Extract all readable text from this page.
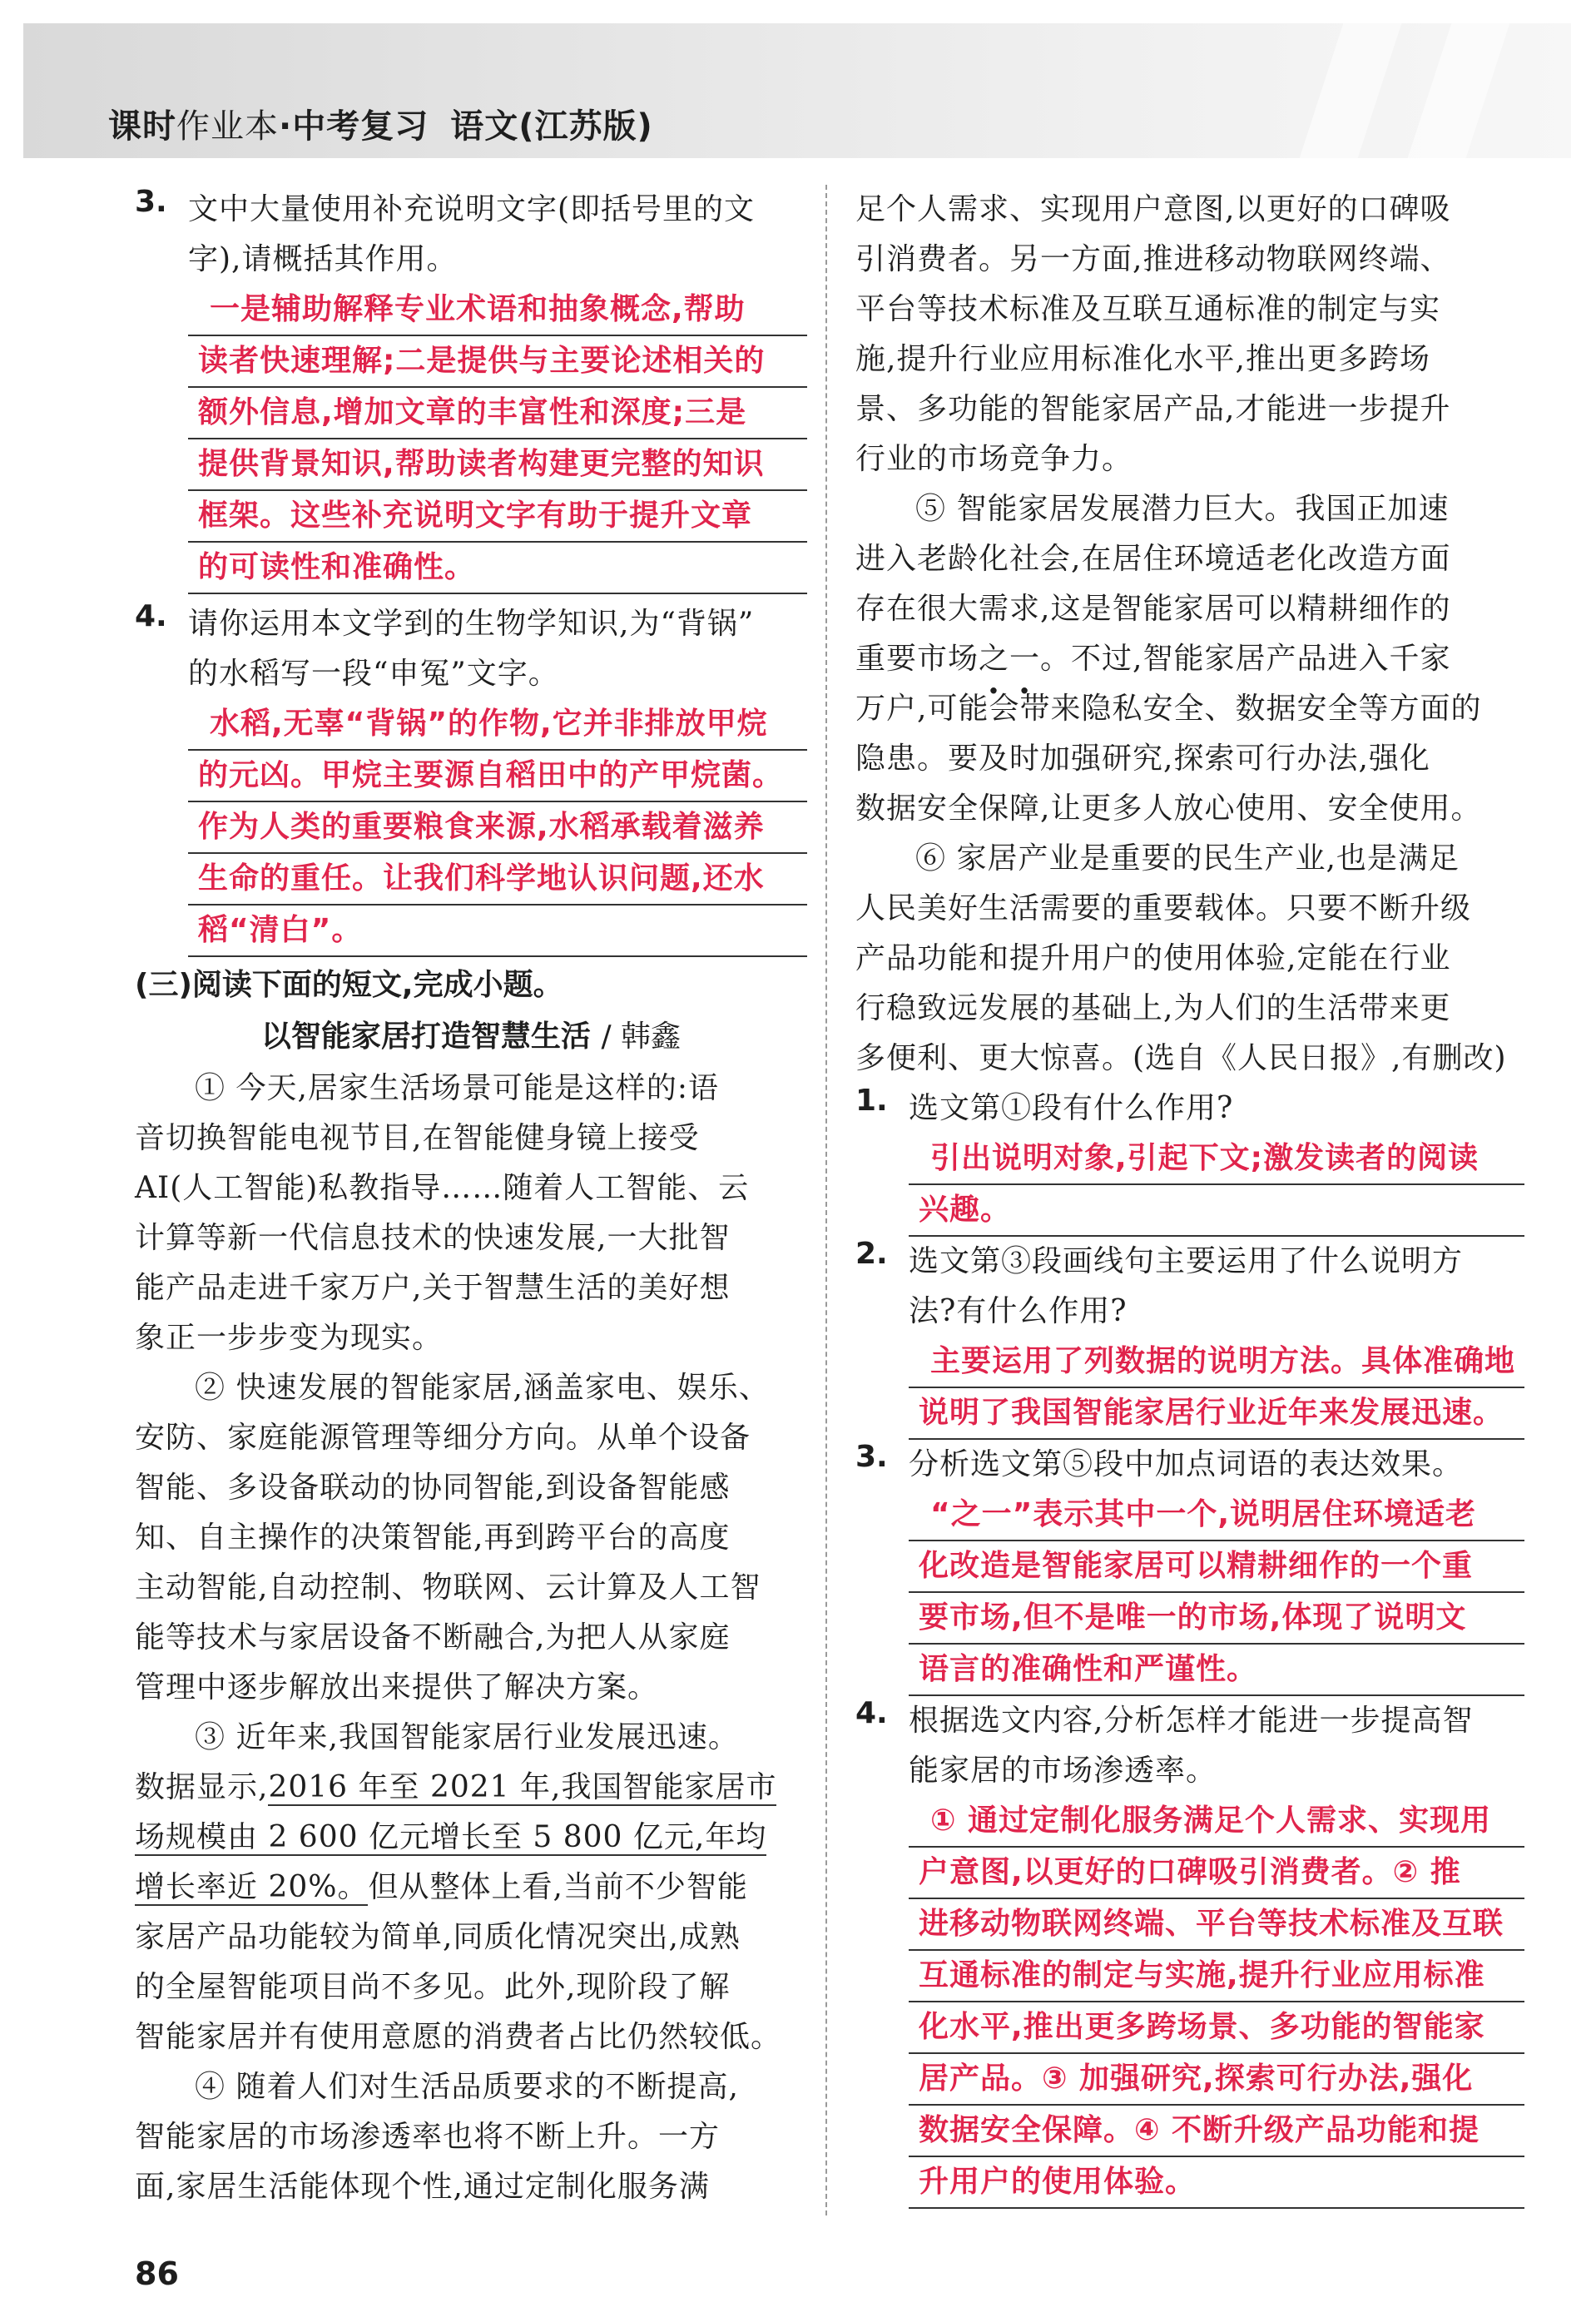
课时作业本·中考复习 语文(江苏版)
3. 文中大量使用补充说明文字(即括号里的文
字),请概括其作用。
一是辅助解释专业术语和抽象概念,帮助
读者快速理解;二是提供与主要论述相关的
额外信息,增加文章的丰富性和深度;三是
提供背景知识,帮助读者构建更完整的知识
框架。这些补充说明文字有助于提升文章
的可读性和准确性。
4. 请你运用本文学到的生物学知识,为“背锅”
的水稻写一段“申冤”文字。
水稻,无辜“背锅”的作物,它并非排放甲烷
的元凶。甲烷主要源自稻田中的产甲烷菌。
作为人类的重要粮食来源,水稻承载着滋养
生命的重任。让我们科学地认识问题,还水
稻“清白”。
(三)阅读下面的短文,完成小题。
以智能家居打造智慧生活 / 韩鑫
① 今天,居家生活场景可能是这样的:语
音切换智能电视节目,在智能健身镜上接受
AI(人工智能)私教指导……随着人工智能、云
计算等新一代信息技术的快速发展,一大批智
能产品走进千家万户,关于智慧生活的美好想
象正一步步变为现实。
② 快速发展的智能家居,涵盖家电、娱乐、
安防、家庭能源管理等细分方向。从单个设备
智能、多设备联动的协同智能,到设备智能感
知、自主操作的决策智能,再到跨平台的高度
主动智能,自动控制、物联网、云计算及人工智
能等技术与家居设备不断融合,为把人从家庭
管理中逐步解放出来提供了解决方案。
③ 近年来,我国智能家居行业发展迅速。
数据显示,2016 年至 2021 年,我国智能家居市
场规模由 2 600 亿元增长至 5 800 亿元,年均
增长率近 20%。但从整体上看,当前不少智能
家居产品功能较为简单,同质化情况突出,成熟
的全屋智能项目尚不多见。此外,现阶段了解
智能家居并有使用意愿的消费者占比仍然较低。
④ 随着人们对生活品质要求的不断提高,
智能家居的市场渗透率也将不断上升。一方
面,家居生活能体现个性,通过定制化服务满
足个人需求、实现用户意图,以更好的口碑吸
引消费者。另一方面,推进移动物联网终端、
平台等技术标准及互联互通标准的制定与实
施,提升行业应用标准化水平,推出更多跨场
景、多功能的智能家居产品,才能进一步提升
行业的市场竞争力。
⑤ 智能家居发展潜力巨大。我国正加速
进入老龄化社会,在居住环境适老化改造方面
存在很大需求,这是智能家居可以精耕细作的
重要市场之一。不过,智能家居产品进入千家
万户,可能会带来隐私安全、数据安全等方面的
隐患。要及时加强研究,探索可行办法,强化
数据安全保障,让更多人放心使用、安全使用。
⑥ 家居产业是重要的民生产业,也是满足
人民美好生活需要的重要载体。只要不断升级
产品功能和提升用户的使用体验,定能在行业
行稳致远发展的基础上,为人们的生活带来更
多便利、更大惊喜。(选自《人民日报》,有删改)
1. 选文第①段有什么作用?
引出说明对象,引起下文;激发读者的阅读
兴趣。
2. 选文第③段画线句主要运用了什么说明方
法?有什么作用?
主要运用了列数据的说明方法。具体准确地
说明了我国智能家居行业近年来发展迅速。
3. 分析选文第⑤段中加点词语的表达效果。
“之一”表示其中一个,说明居住环境适老
化改造是智能家居可以精耕细作的一个重
要市场,但不是唯一的市场,体现了说明文
语言的准确性和严谨性。
4. 根据选文内容,分析怎样才能进一步提高智
能家居的市场渗透率。
① 通过定制化服务满足个人需求、实现用
户意图,以更好的口碑吸引消费者。② 推
进移动物联网终端、平台等技术标准及互联
互通标准的制定与实施,提升行业应用标准
化水平,推出更多跨场景、多功能的智能家
居产品。③ 加强研究,探索可行办法,强化
数据安全保障。④ 不断升级产品功能和提
升用户的使用体验。
86
